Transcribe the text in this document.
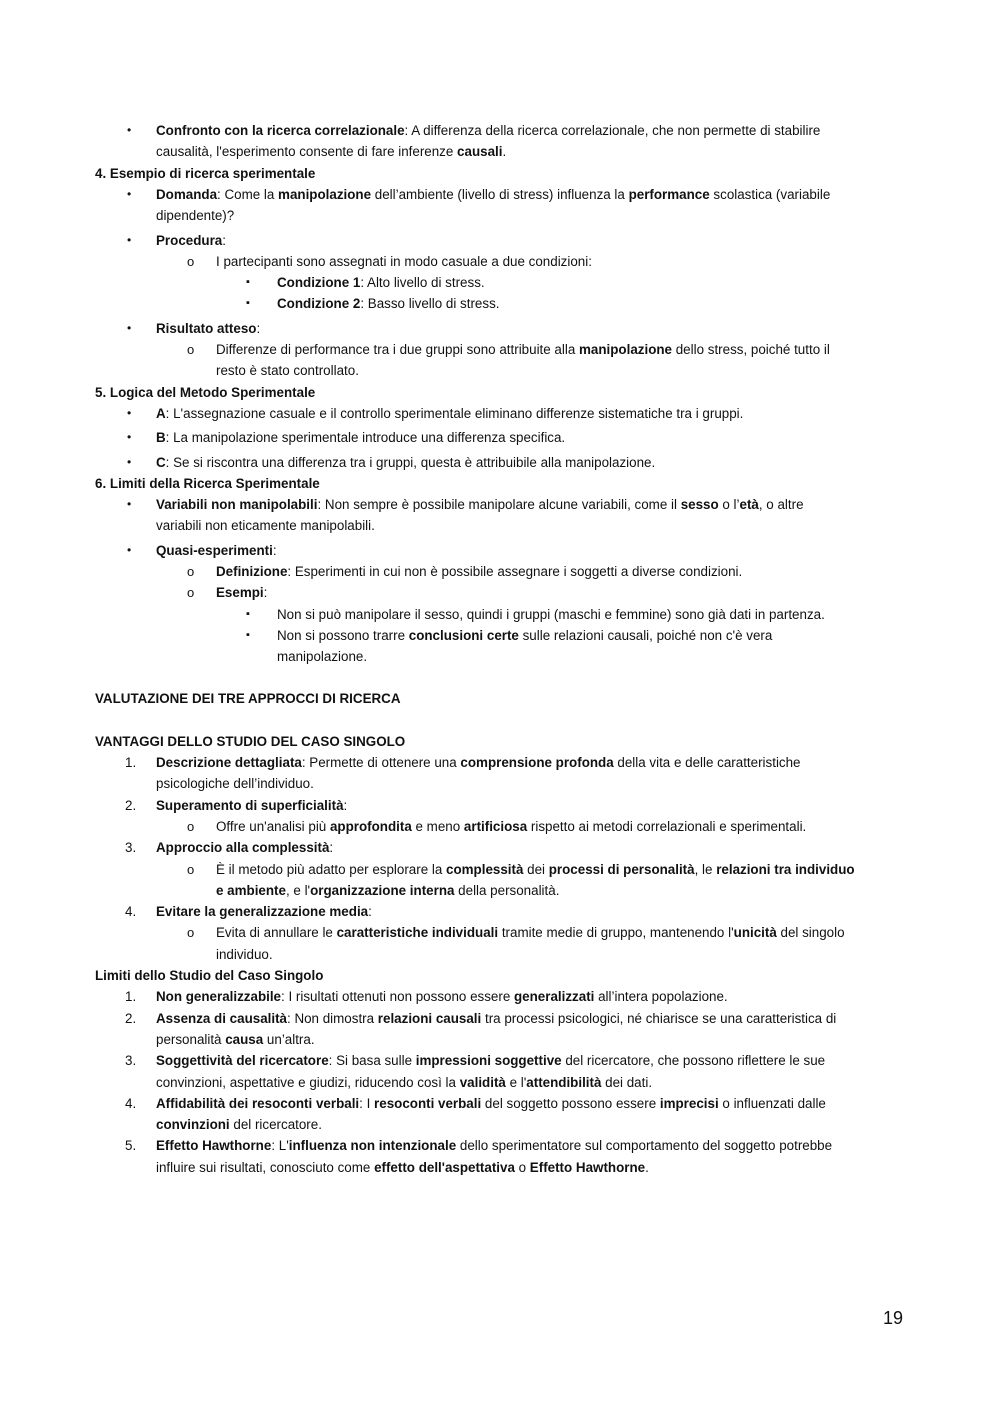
• Confronto con la ricerca correlazionale: A differenza della ricerca correlazionale, che non permette di stabilire
causalità, l'esperimento consente di fare inferenze causali.
4. Esempio di ricerca sperimentale
• Domanda: Come la manipolazione dell’ambiente (livello di stress) influenza la performance scolastica (variabile
dipendente)?
• Procedura:
o I partecipanti sono assegnati in modo casuale a due condizioni:
▪ Condizione 1: Alto livello di stress.
▪ Condizione 2: Basso livello di stress.
• Risultato atteso:
o Differenze di performance tra i due gruppi sono attribuite alla manipolazione dello stress, poiché tutto il
resto è stato controllato.
5. Logica del Metodo Sperimentale
• A: L'assegnazione casuale e il controllo sperimentale eliminano differenze sistematiche tra i gruppi.
• B: La manipolazione sperimentale introduce una differenza specifica.
• C: Se si riscontra una differenza tra i gruppi, questa è attribuibile alla manipolazione.
6. Limiti della Ricerca Sperimentale
• Variabili non manipolabili: Non sempre è possibile manipolare alcune variabili, come il sesso o l’età, o altre
variabili non eticamente manipolabili.
• Quasi-esperimenti:
o Definizione: Esperimenti in cui non è possibile assegnare i soggetti a diverse condizioni.
o Esempi:
▪ Non si può manipolare il sesso, quindi i gruppi (maschi e femmine) sono già dati in partenza.
▪ Non si possono trarre conclusioni certe sulle relazioni causali, poiché non c'è vera
manipolazione.
VALUTAZIONE DEI TRE APPROCCI DI RICERCA
VANTAGGI DELLO STUDIO DEL CASO SINGOLO
1. Descrizione dettagliata: Permette di ottenere una comprensione profonda della vita e delle caratteristiche
psicologiche dell’individuo.
2. Superamento di superficialità:
o Offre un'analisi più approfondita e meno artificiosa rispetto ai metodi correlazionali e sperimentali.
3. Approccio alla complessità:
o È il metodo più adatto per esplorare la complessità dei processi di personalità, le relazioni tra individuo
e ambiente, e l'organizzazione interna della personalità.
4. Evitare la generalizzazione media:
o Evita di annullare le caratteristiche individuali tramite medie di gruppo, mantenendo l'unicità del singolo
individuo.
Limiti dello Studio del Caso Singolo
1. Non generalizzabile: I risultati ottenuti non possono essere generalizzati all’intera popolazione.
2. Assenza di causalità: Non dimostra relazioni causali tra processi psicologici, né chiarisce se una caratteristica di
personalità causa un’altra.
3. Soggettività del ricercatore: Si basa sulle impressioni soggettive del ricercatore, che possono riflettere le sue
convinzioni, aspettative e giudizi, riducendo così la validità e l'attendibilità dei dati.
4. Affidabilità dei resoconti verbali: I resoconti verbali del soggetto possono essere imprecisi o influenzati dalle
convinzioni del ricercatore.
5. Effetto Hawthorne: L'influenza non intenzionale dello sperimentatore sul comportamento del soggetto potrebbe
influire sui risultati, conosciuto come effetto dell'aspettativa o Effetto Hawthorne.
19
